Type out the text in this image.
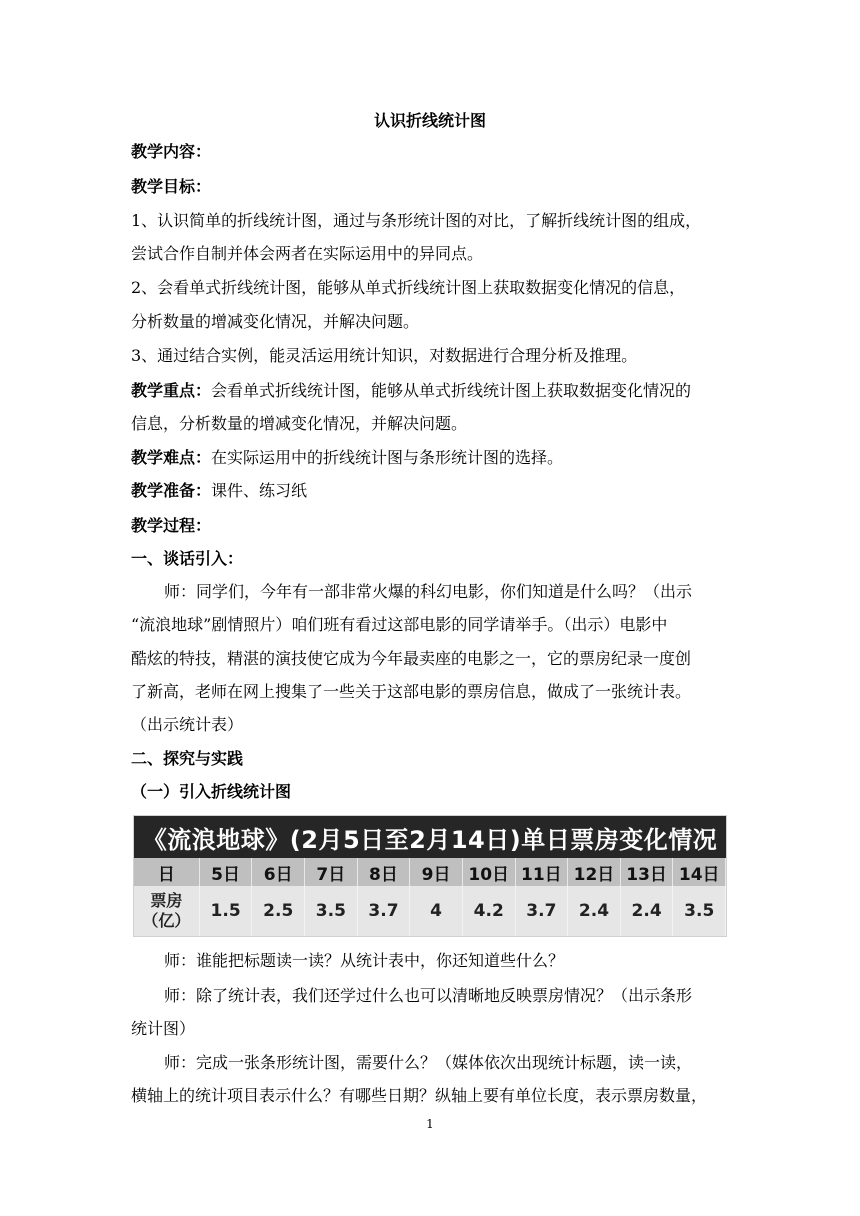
认识折线统计图
教学内容：
教学目标：
1、认识简单的折线统计图，通过与条形统计图的对比，了解折线统计图的组成，
尝试合作自制并体会两者在实际运用中的异同点。
2、会看单式折线统计图，能够从单式折线统计图上获取数据变化情况的信息，
分析数量的增减变化情况，并解决问题。
3、通过结合实例，能灵活运用统计知识，对数据进行合理分析及推理。
教学重点：会看单式折线统计图，能够从单式折线统计图上获取数据变化情况的
信息，分析数量的增减变化情况，并解决问题。
教学难点：在实际运用中的折线统计图与条形统计图的选择。
教学准备：课件、练习纸
教学过程：
一、谈话引入：
师：同学们，今年有一部非常火爆的科幻电影，你们知道是什么吗？（出示
“流浪地球”剧情照片）咱们班有看过这部电影的同学请举手。（出示）电影中
酷炫的特技，精湛的演技使它成为今年最卖座的电影之一，它的票房纪录一度创
了新高，老师在网上搜集了一些关于这部电影的票房信息，做成了一张统计表。
（出示统计表）
二、探究与实践
（一）引入折线统计图
《流浪地球》(2月5日至2月14日)单日票房变化情况
日	5日	6日	7日	8日	9日	10日 11日 12日 13日 14日
票房
（亿）	1.5	2.5	3.5	3.7	4	4.2	3.7	2.4	2.4	3.5
师：谁能把标题读一读？从统计表中，你还知道些什么？
师：除了统计表，我们还学过什么也可以清晰地反映票房情况？（出示条形
统计图）
师：完成一张条形统计图，需要什么？（媒体依次出现统计标题，读一读，
横轴上的统计项目表示什么？有哪些日期？纵轴上要有单位长度，表示票房数量，
1
